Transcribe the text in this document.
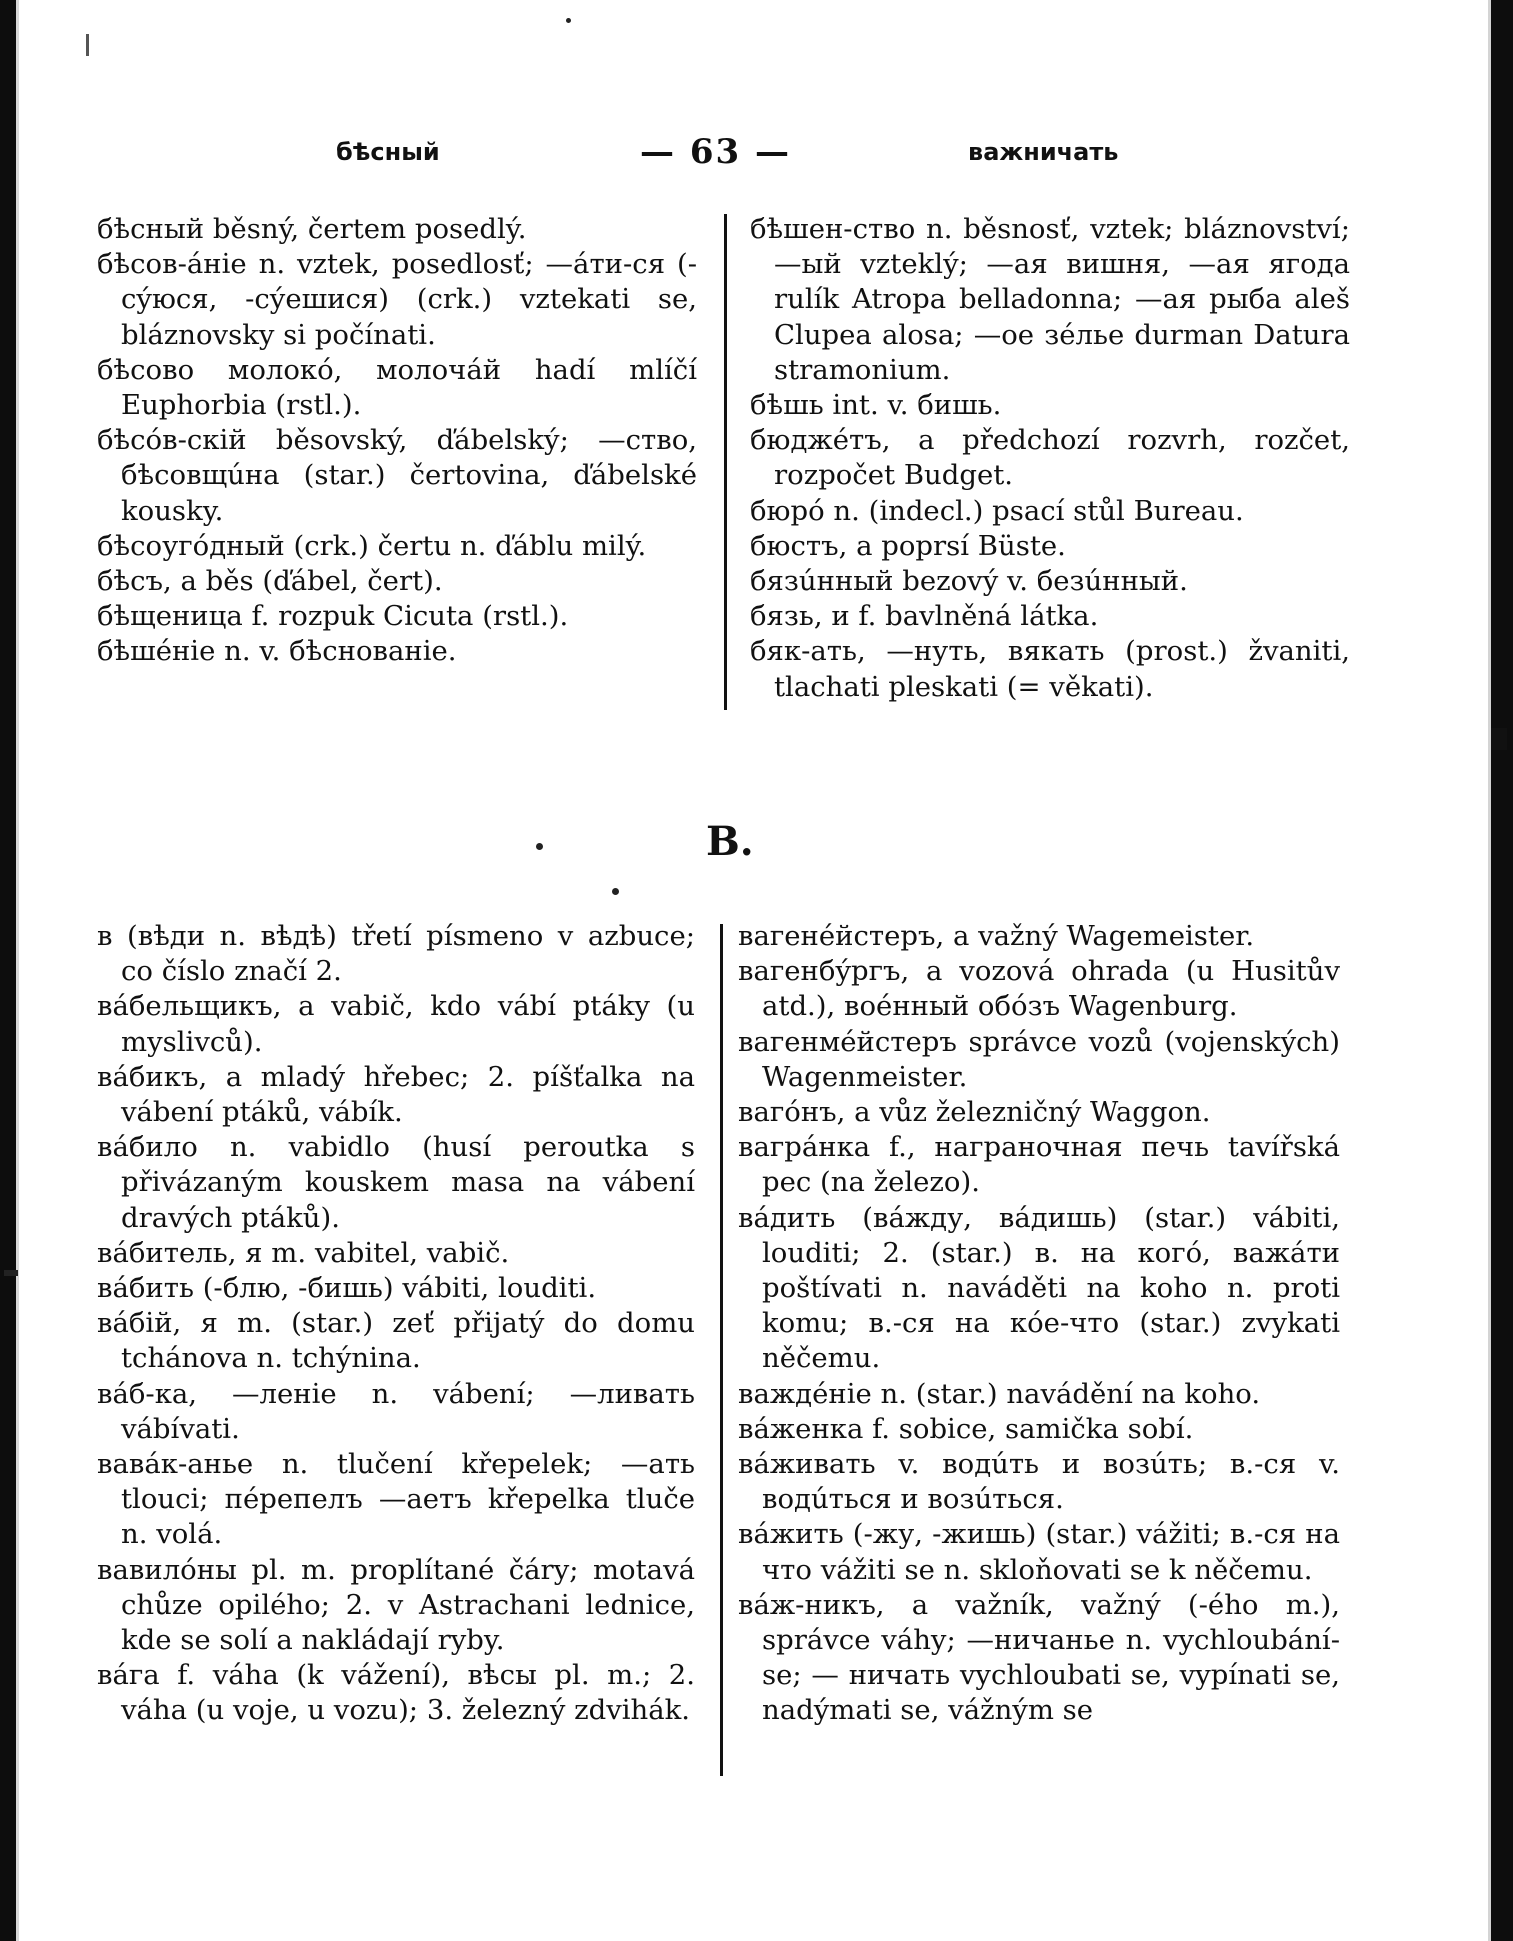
бѣсный	— 63 —	важничать

бѣсный běsný, čertem posedlý.

бѣсов-áніе n. vztek, posedlosť; —áти-ся (-сýюся, -сýешися) (crk.) vztekati se, bláznovsky si počínati.

бѣсово молокó, молочáй hadí mlíčí Euphorbia (rstl.).

бѣсóв-скій běsovský, ďábelský; —ство, бѣсовщúна (star.) čertovina, ďábelské kousky.

бѣсоугóдный (crk.) čertu n. ďáblu milý.

бѣсъ, а běs (ďábel, čert).

бѣщеница f. rozpuk Cicuta (rstl.).

бѣшéніе n. v. бѣснованіе.

бѣшен-ство n. běsnosť, vztek; bláznovství; —ый vzteklý; —ая вишня, —ая ягода rulík Atropa belladonna; —ая рыба aleš Clupea alosa; —ое зéлье durman Datura stramonium.

бѣшь int. v. бишь.

бюджéтъ, а předchozí rozvrh, rozčet, rozpočet Budget.

бюрó n. (indecl.) psací stůl Bureau.

бюстъ, а poprsí Büste.

бязúнный bezový v. безúнный.

бязь, и f. bavlněná látka.

бяк-ать, —нуть, вякать (prost.) žvaniti, tlachati pleskati (= věkati).

B.

в (вѣди n. вѣдѣ) třetí písmeno v azbuce; co číslo značí 2.

вáбельщикъ, а vabič, kdo vábí ptáky (u myslivců).

вáбикъ, а mladý hřebec; 2. píšťalka na vábení ptáků, vábík.

вáбило n. vabidlo (husí peroutka s přivázaným kouskem masa na vábení dravých ptáků).

вáбитель, я m. vabitel, vabič.

вáбить (-блю, -бишь) vábiti, louditi.

вáбій, я m. (star.) zeť přijatý do domu tchánova n. tchýnina.

вáб-ка, —леніе n. vábení; —ливать vábívati.

вавáк-анье n. tlučení křepelek; —ать tlouci; пéрепелъ —аетъ křepelka tluče n. volá.

вавилóны pl. m. proplítané čáry; motavá chůze opilého; 2. v Astrachani lednice, kde se solí a nakládají ryby.

вáга f. váha (k vážení), вѣсы pl. m.; 2. váha (u voje, u vozu); 3. železný zdvihák.

вагенéйстеръ, а važný Wagemeister.

вагенбýргъ, а vozová ohrada (u Husitův atd.), воéнный обóзъ Wagenburg.

вагенмéйстеръ správce vozů (vojenských) Wagenmeister.

вагóнъ, а vůz železničný Waggon.

вагрáнка f., награночная печь tavířská pec (na železo).

вáдить (вáжду, вáдишь) (star.) vábiti, louditi; 2. (star.) в. на когó, важáти poštívati n. naváděti na koho n. proti komu; в.-ся на кóе-что (star.) zvykati něčemu.

важдéніе n. (star.) navádění na koho.

вáженка f. sobice, samička sobí.

вáживать v. водúть и возúть; в.-ся v. водúться и возúться.

вáжить (-жу, -жишь) (star.) vážiti; в.-ся на что vážiti se n. skloňovati se k něčemu.

вáж-никъ, а važník, važný (-ého m.), správce váhy; —ничанье n. vychloubání-se; — ничать vychloubati se, vypínati se, nadýmati se, vážným se
